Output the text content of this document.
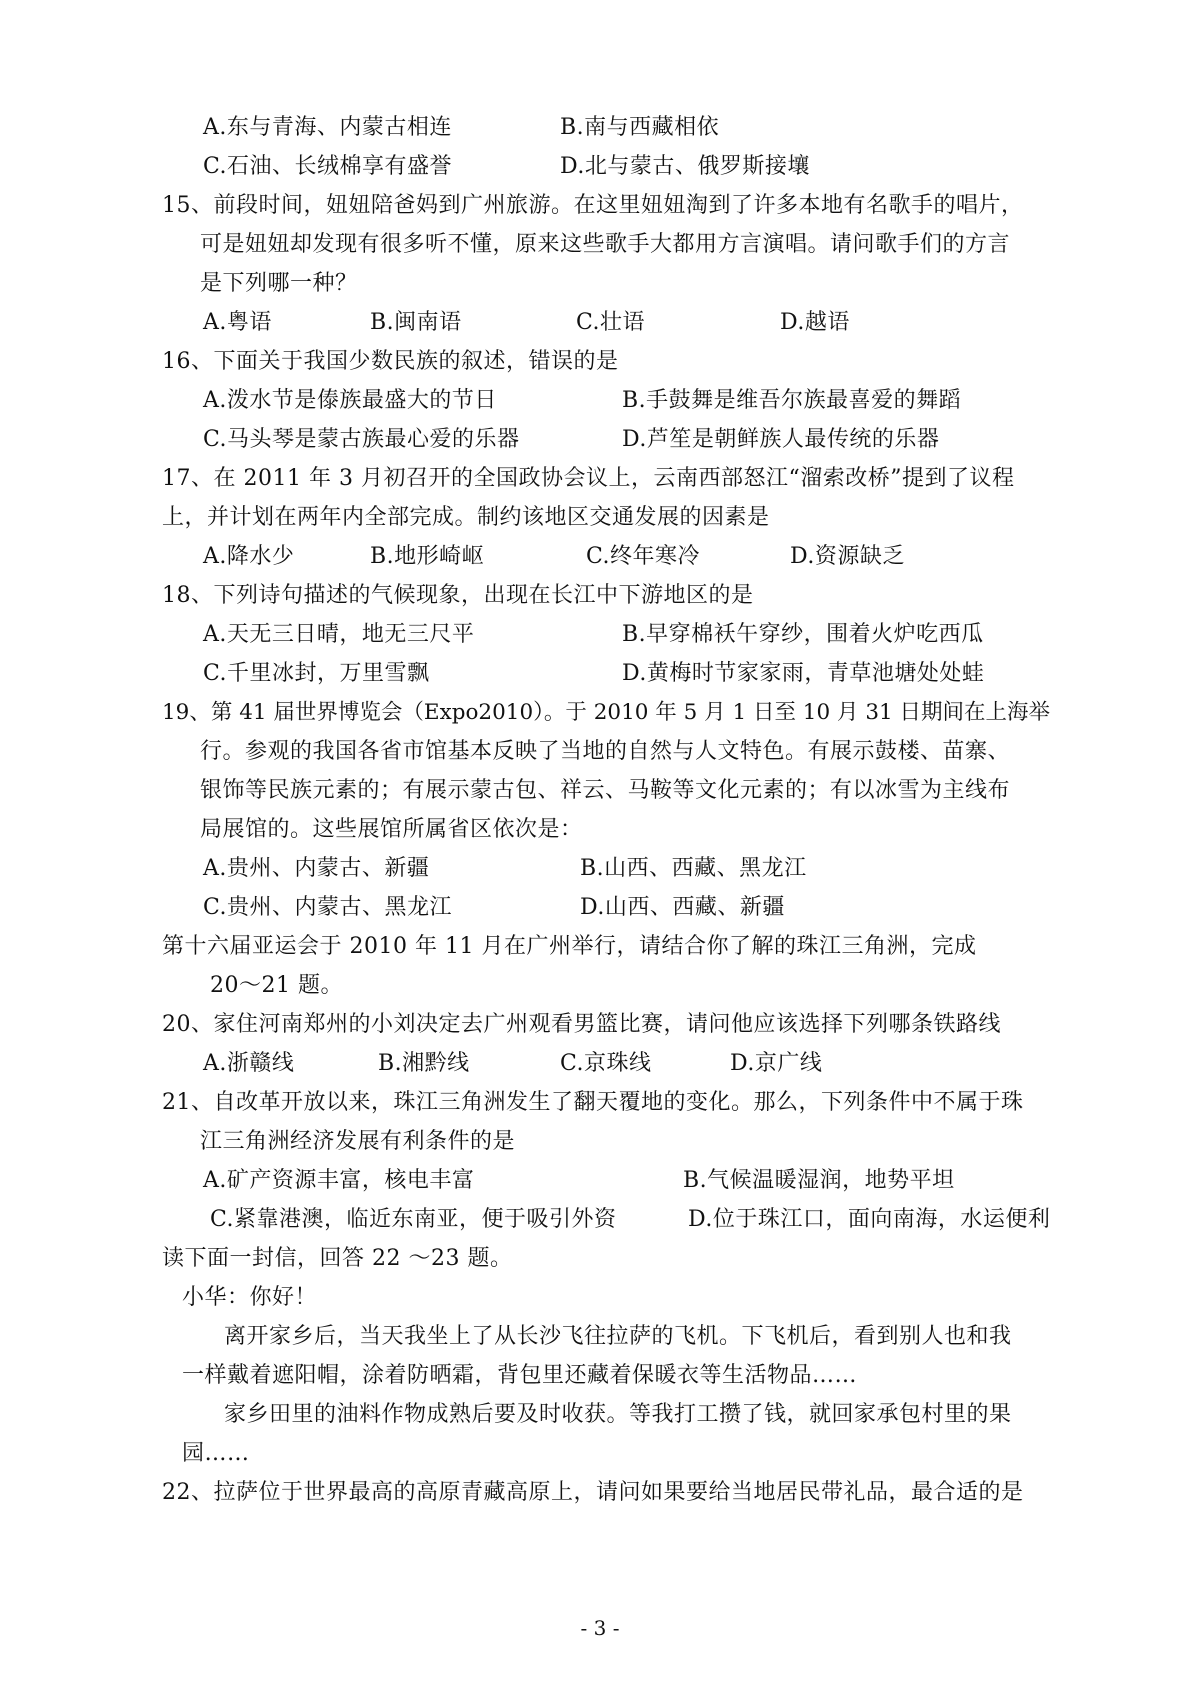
A.东与青海、内蒙古相连	B.南与西藏相依
C.石油、长绒棉享有盛誉	D.北与蒙古、俄罗斯接壤
15、前段时间，妞妞陪爸妈到广州旅游。在这里妞妞淘到了许多本地有名歌手的唱片，
可是妞妞却发现有很多听不懂，原来这些歌手大都用方言演唱。请问歌手们的方言
是下列哪一种？
A.粤语	B.闽南语	C.壮语	D.越语
16、下面关于我国少数民族的叙述，错误的是
A.泼水节是傣族最盛大的节日	B.手鼓舞是维吾尔族最喜爱的舞蹈
C.马头琴是蒙古族最心爱的乐器	D.芦笙是朝鲜族人最传统的乐器
17、在 2011 年 3 月初召开的全国政协会议上，云南西部怒江“溜索改桥”提到了议程
上，并计划在两年内全部完成。制约该地区交通发展的因素是
A.降水少	B.地形崎岖	C.终年寒冷	D.资源缺乏
18、下列诗句描述的气候现象，出现在长江中下游地区的是
A.天无三日晴，地无三尺平	B.早穿棉袄午穿纱，围着火炉吃西瓜
C.千里冰封，万里雪飘	D.黄梅时节家家雨，青草池塘处处蛙
19、第 41 届世界博览会（Expo2010）。于 2010 年 5 月 1 日至 10 月 31 日期间在上海举
行。参观的我国各省市馆基本反映了当地的自然与人文特色。有展示鼓楼、苗寨、
银饰等民族元素的；有展示蒙古包、祥云、马鞍等文化元素的；有以冰雪为主线布
局展馆的。这些展馆所属省区依次是：
A.贵州、内蒙古、新疆	B.山西、西藏、黑龙江
C.贵州、内蒙古、黑龙江	D.山西、西藏、新疆
第十六届亚运会于 2010 年 11 月在广州举行，请结合你了解的珠江三角洲，完成
20～21 题。
20、家住河南郑州的小刘决定去广州观看男篮比赛，请问他应该选择下列哪条铁路线
A.浙赣线	B.湘黔线	C.京珠线	D.京广线
21、自改革开放以来，珠江三角洲发生了翻天覆地的变化。那么，下列条件中不属于珠
江三角洲经济发展有利条件的是
A.矿产资源丰富，核电丰富	B.气候温暖湿润，地势平坦
C.紧靠港澳，临近东南亚，便于吸引外资	D.位于珠江口，面向南海，水运便利
读下面一封信，回答 22 ～23 题。
小华：你好！
离开家乡后，当天我坐上了从长沙飞往拉萨的飞机。下飞机后，看到别人也和我
一样戴着遮阳帽，涂着防晒霜，背包里还藏着保暖衣等生活物品……
家乡田里的油料作物成熟后要及时收获。等我打工攒了钱，就回家承包村里的果
园……
22、拉萨位于世界最高的高原青藏高原上，请问如果要给当地居民带礼品，最合适的是
- 3 -
